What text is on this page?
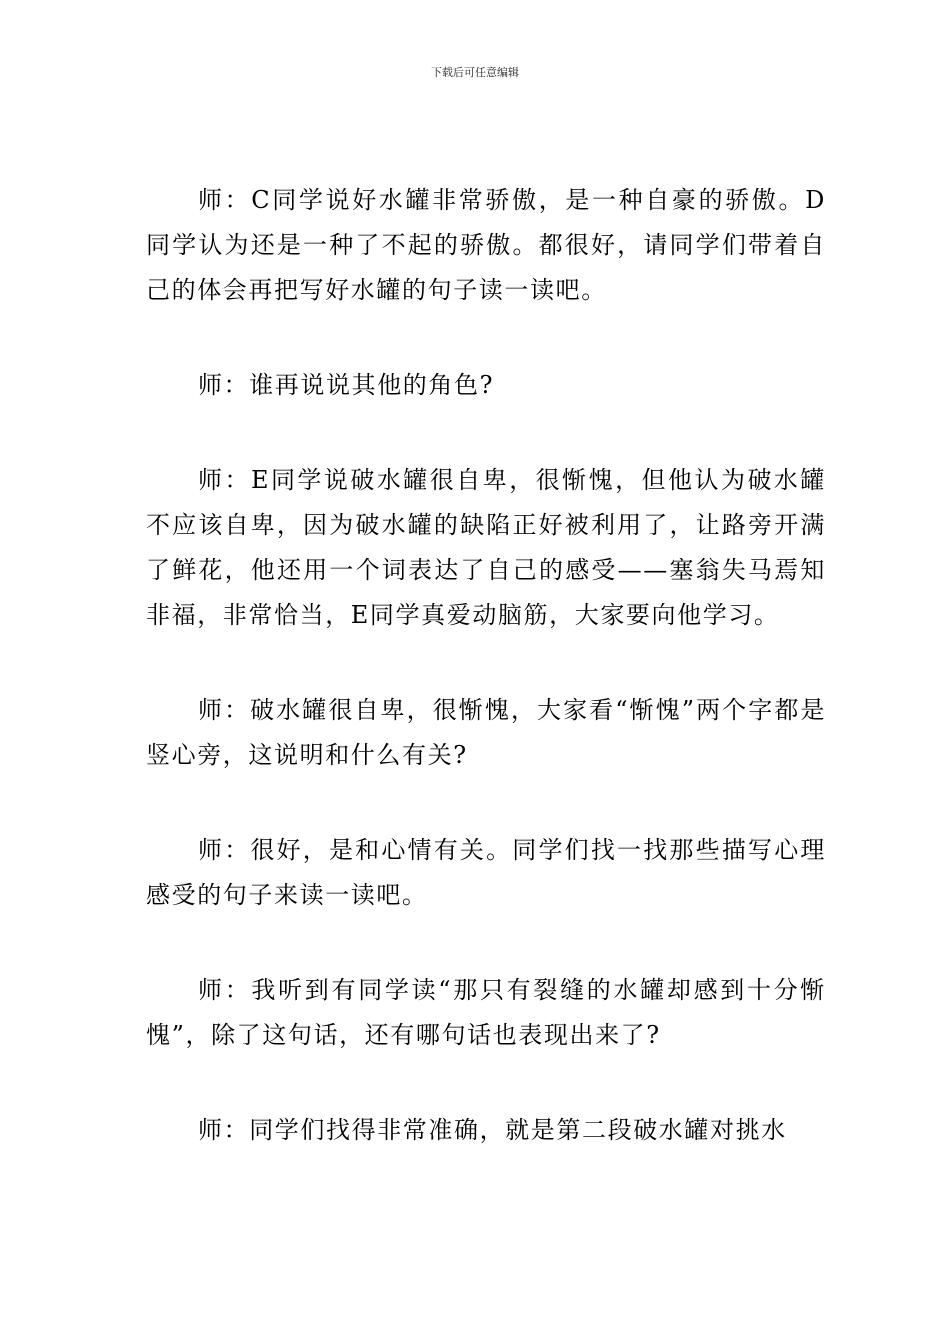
下载后可任意编辑

师：C同学说好水罐非常骄傲，是一种自豪的骄傲。D同学认为还是一种了不起的骄傲。都很好，请同学们带着自己的体会再把写好水罐的句子读一读吧。

师：谁再说说其他的角色?

师：E同学说破水罐很自卑，很惭愧，但他认为破水罐不应该自卑，因为破水罐的缺陷正好被利用了，让路旁开满了鲜花，他还用一个词表达了自己的感受——塞翁失马焉知非福，非常恰当，E同学真爱动脑筋，大家要向他学习。

师：破水罐很自卑，很惭愧，大家看“惭愧”两个字都是竖心旁，这说明和什么有关?

师：很好，是和心情有关。同学们找一找那些描写心理感受的句子来读一读吧。

师：我听到有同学读“那只有裂缝的水罐却感到十分惭愧”，除了这句话，还有哪句话也表现出来了?

师：同学们找得非常准确，就是第二段破水罐对挑水
